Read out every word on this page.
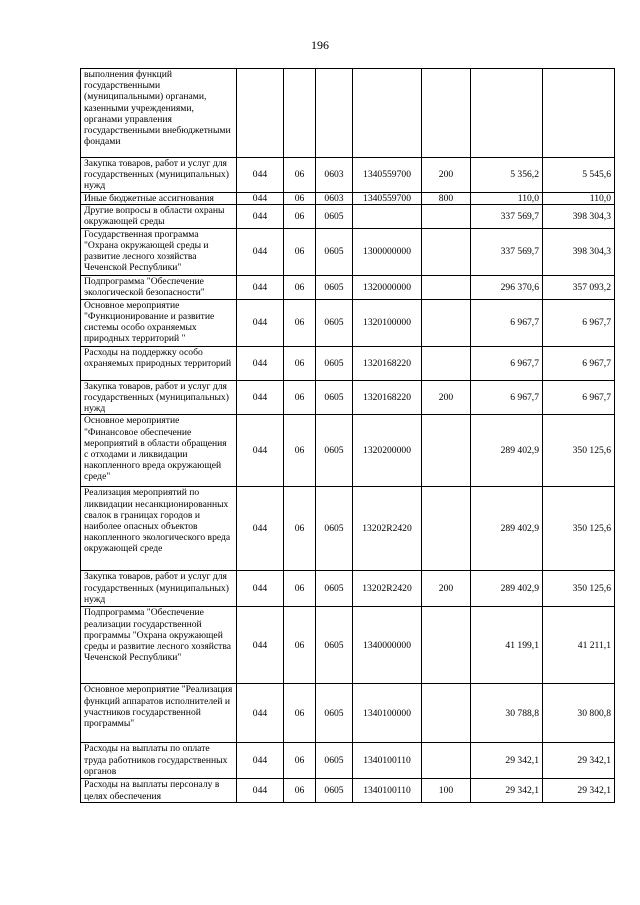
196
выполнения функций государственными (муниципальными) органами, казенными учреждениями, органами управления государственными внебюджетными фондами							
Закупка товаров, работ и услуг для государственных (муниципальных) нужд	044	06	0603	1340559700	200	5 356,2	5 545,6
Иные бюджетные ассигнования	044	06	0603	1340559700	800	110,0	110,0
Другие вопросы в области охраны окружающей среды	044	06	0605			337 569,7	398 304,3
Государственная программа "Охрана окружающей среды и развитие лесного хозяйства Чеченской Республики"	044	06	0605	1300000000		337 569,7	398 304,3
Подпрограмма "Обеспечение экологической безопасности"	044	06	0605	1320000000		296 370,6	357 093,2
Основное мероприятие "Функционирование и развитие системы особо охраняемых природных территорий "	044	06	0605	1320100000		6 967,7	6 967,7
Расходы на поддержку особо охраняемых природных территорий	044	06	0605	1320168220		6 967,7	6 967,7
Закупка товаров, работ и услуг для государственных (муниципальных) нужд	044	06	0605	1320168220	200	6 967,7	6 967,7
Основное мероприятие "Финансовое обеспечение мероприятий в области обращения с отходами и ликвидации накопленного вреда окружающей среде"	044	06	0605	1320200000		289 402,9	350 125,6
Реализация мероприятий по ликвидации несанкционированных свалок в границах городов и наиболее опасных объектов накопленного экологического вреда окружающей среде	044	06	0605	13202R2420		289 402,9	350 125,6
Закупка товаров, работ и услуг для государственных (муниципальных) нужд	044	06	0605	13202R2420	200	289 402,9	350 125,6
Подпрограмма "Обеспечение реализации государственной программы "Охрана окружающей среды и развитие лесного хозяйства Чеченской Республики"	044	06	0605	1340000000		41 199,1	41 211,1
Основное мероприятие "Реализация функций аппаратов исполнителей и участников государственной программы"	044	06	0605	1340100000		30 788,8	30 800,8
Расходы на выплаты по оплате труда работников государственных органов	044	06	0605	1340100110		29 342,1	29 342,1
Расходы на выплаты персоналу в целях обеспечения	044	06	0605	1340100110	100	29 342,1	29 342,1
